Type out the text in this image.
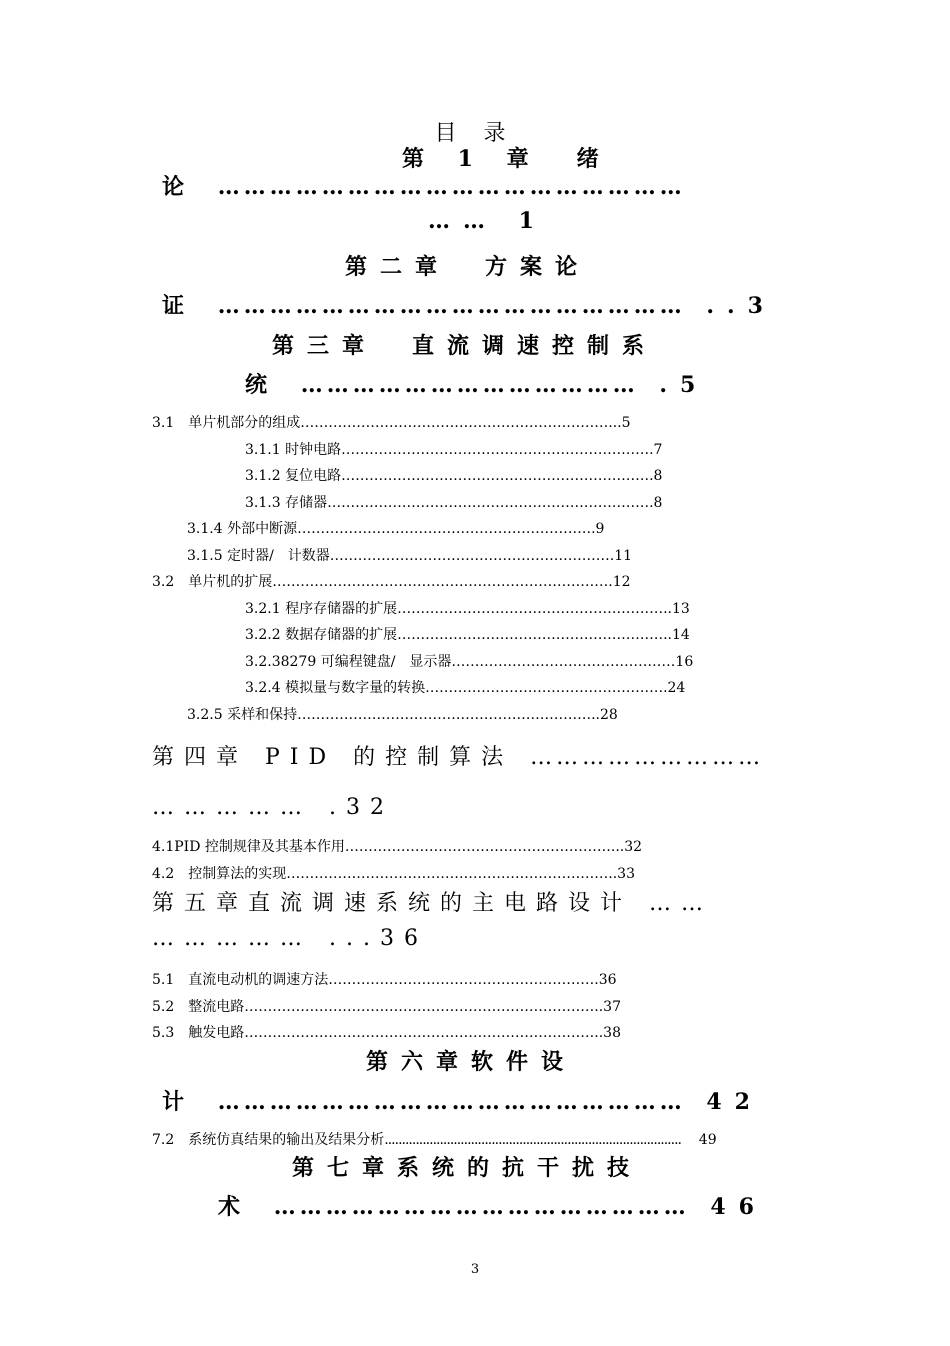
目 录
第 1 章　绪
论 ………………………………………………
…… 1
第二章　方案论
证 ……………………………………………… ..3
第三章　直流调速控制系
统 ………………………………… .5
3.1　单片机部分的组成…………………………………………………………...5
3.1.1 时钟电路………………………………………………………….7
3.1.2 复位电路………………………………………………………….8
3.1.3 存储器…………………………………………………………….8
3.1.4 外部中断源……………………………………………………….9
3.1.5 定时器/　计数器…………………………………………………….11
3.2　单片机的扩展……………………………………………………………….12
3.2.1 程序存储器的扩展…………………………………………………..13
3.2.2 数据存储器的扩展…………………………………………………..14
3.2.38279 可编程键盘/　显示器…………………………………………16
3.2.4 模拟量与数字量的转换…………………………………………….24
3.2.5 采样和保持………………………………………………………..28
第四章 PID 的控制算法 ………………………
…………… .32
4.1PID 控制规律及其基本作用…………………………………………………...32
4.2　控制算法的实现……………………………………………………………..33
第五章直流调速系统的主电路设计 ……
…………… ...36
5.1　直流电动机的调速方法………………………………………………….36
5.2　整流电路…………………………………………………………………..37
5.3　触发电路…………………………………………………………………..38
第六章软件设
计 ……………………………………………… 42
7.2　系统仿真结果的输出及结果分析...................................................................................... 49
第七章系统的抗干扰技
术 ………………………………………… 46
3
